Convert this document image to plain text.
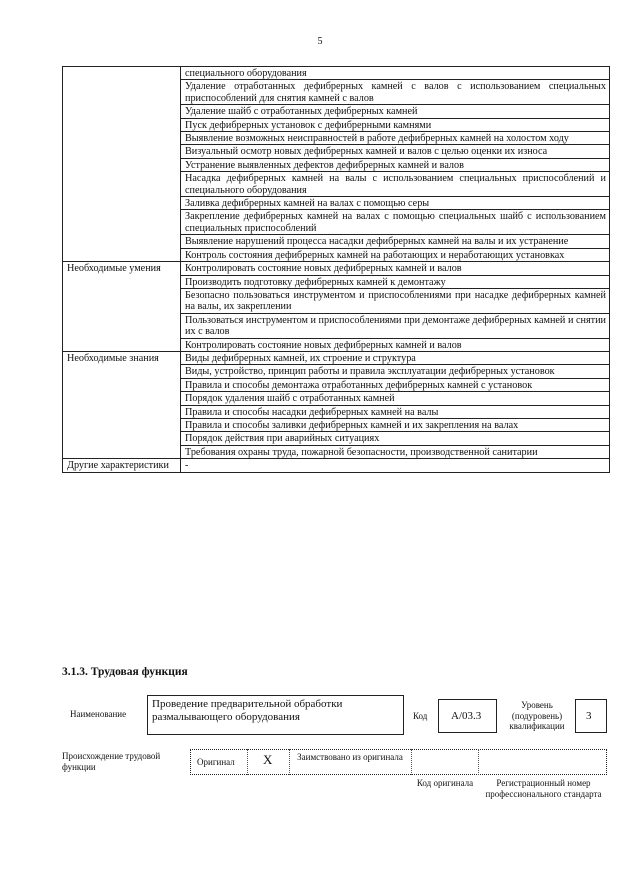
5
	специального оборудования
	Удаление отработанных дефибрерных камней с валов с использованием специальных приспособлений для снятия камней с валов
	Удаление шайб с отработанных дефибрерных камней
	Пуск дефибрерных установок с дефибрерными камнями
	Выявление возможных неисправностей в работе дефибрерных камней на холостом ходу
	Визуальный осмотр новых дефибрерных камней и валов с целью оценки их износа
	Устранение выявленных дефектов дефибрерных камней и валов
	Насадка дефибрерных камней на валы с использованием специальных приспособлений и специального оборудования
	Заливка дефибрерных камней на валах с помощью серы
	Закрепление дефибрерных камней на валах с помощью специальных шайб с использованием специальных приспособлений
	Выявление нарушений процесса насадки дефибрерных камней на валы и их устранение
	Контроль состояния дефибрерных камней на работающих и неработающих установках
Необходимые умения	Контролировать состояние новых дефибрерных камней и валов
	Производить подготовку дефибрерных камней к демонтажу
	Безопасно пользоваться инструментом и приспособлениями при насадке дефибрерных камней на валы, их закреплении
	Пользоваться инструментом и приспособлениями при демонтаже дефибрерных камней и снятии их с валов
	Контролировать состояние новых дефибрерных камней и валов
Необходимые знания	Виды дефибрерных камней, их строение и структура
	Виды, устройство, принцип работы и правила эксплуатации дефибрерных установок
	Правила и способы демонтажа отработанных дефибрерных камней с установок
	Порядок удаления шайб с отработанных камней
	Правила и способы насадки дефибрерных камней на валы
	Правила и способы заливки дефибрерных камней и их закрепления на валах
	Порядок действия при аварийных ситуациях
	Требования охраны труда, пожарной безопасности, производственной санитарии
Другие характеристики	-
3.1.3. Трудовая функция
Наименование
Проведение предварительной обработки размалывающего оборудования	Код А/03.3
Уровень (подуровень) квалификации
3
Происхождение трудовой функции	Оригинал Х	Заимствовано из оригинала
Код оригинала	Регистрационный номер профессионального стандарта
